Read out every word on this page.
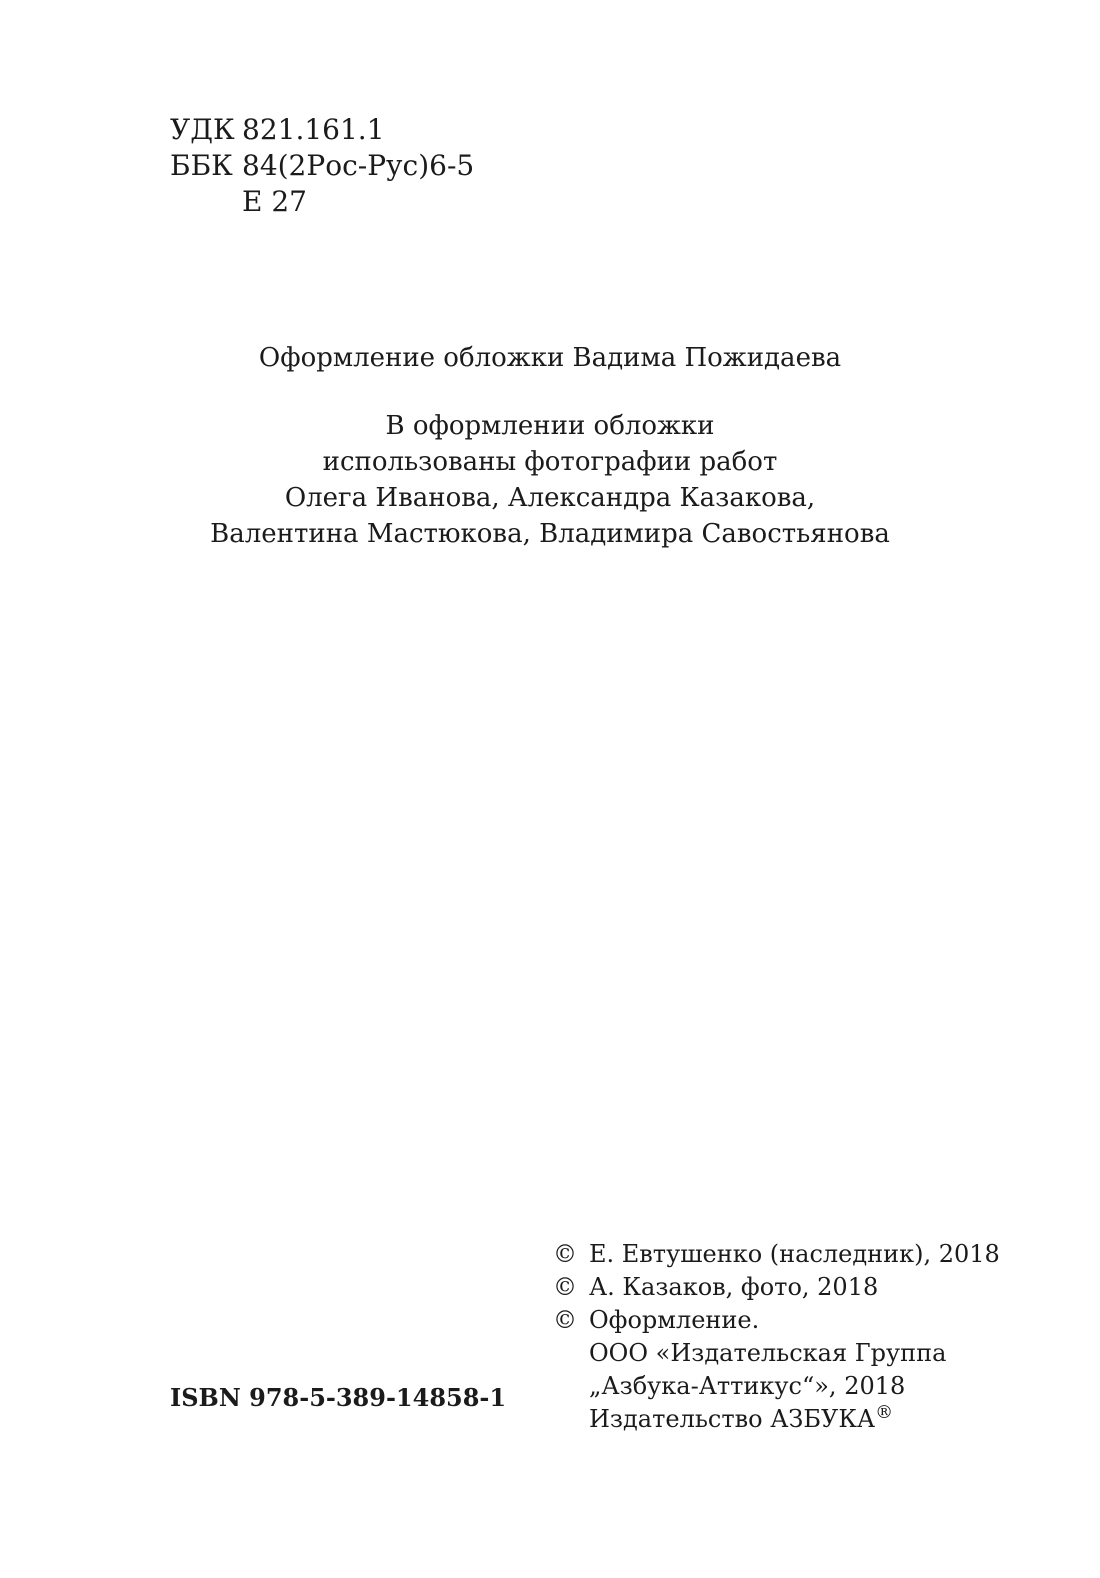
УДК 821.161.1
ББК 84(2Рос-Рус)6-5
Е 27
Оформление обложки Вадима Пожидаева
В оформлении обложки
использованы фотографии работ
Олега Иванова, Александра Казакова,
Валентина Мастюкова, Владимира Савостьянова
© Е. Евтушенко (наследник), 2018
© А. Казаков, фото, 2018
© Оформление.
ООО «Издательская Группа
„Азбука-Аттикус“», 2018
Издательство АЗБУКА®
ISBN 978-5-389-14858-1
